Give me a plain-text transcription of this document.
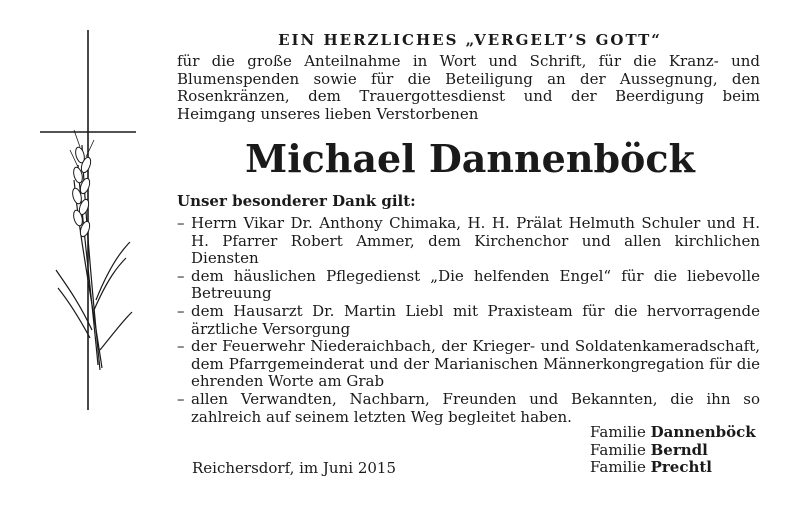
EIN HERZLICHES „VERGELT’S GOTT“
für die große Anteilnahme in Wort und Schrift, für die Kranz- und Blumenspenden sowie für die Beteiligung an der Aussegnung, den Rosenkränzen, dem Trauergottesdienst und der Beerdigung beim Heimgang unseres lieben Verstorbenen
Michael Dannenböck
Unser besonderer Dank gilt:
– Herrn Vikar Dr. Anthony Chimaka, H. H. Prälat Helmuth Schuler und H. H. Pfarrer Robert Ammer, dem Kirchenchor und allen kirchlichen Diensten
– dem häuslichen Pflegedienst „Die helfenden Engel“ für die liebevolle Betreuung
– dem Hausarzt Dr. Martin Liebl mit Praxisteam für die hervorragende ärztliche Versorgung
– der Feuerwehr Niederaichbach, der Krieger- und Soldatenkameradschaft, dem Pfarrgemeinderat und der Marianischen Männerkongregation für die ehrenden Worte am Grab
– allen Verwandten, Nachbarn, Freunden und Bekannten, die ihn so zahlreich auf seinem letzten Weg begleitet haben.
Familie Dannenböck
Familie Berndl
Familie Prechtl
Reichersdorf, im Juni 2015
